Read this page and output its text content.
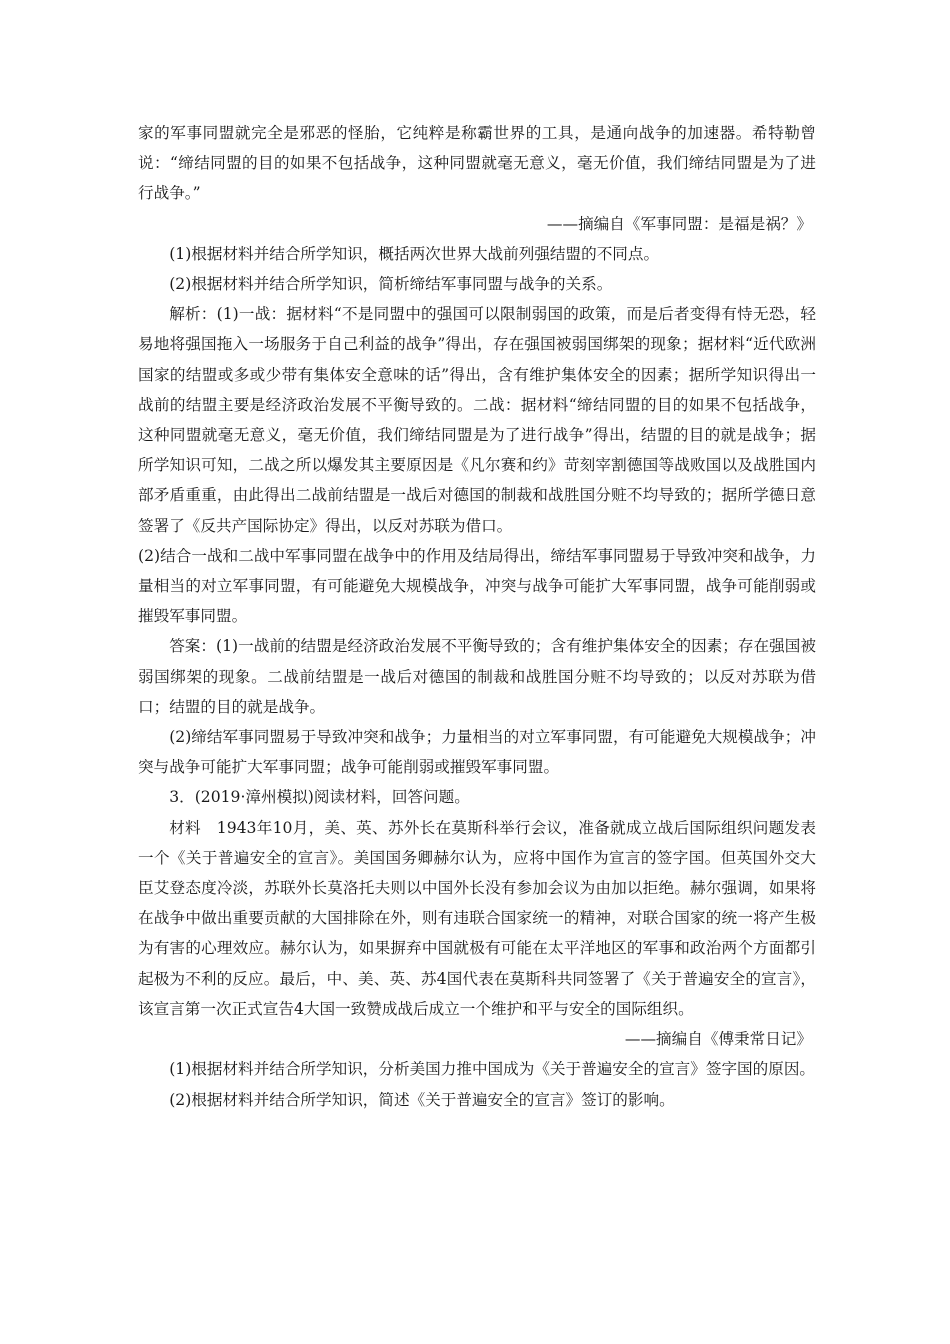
家的军事同盟就完全是邪恶的怪胎，它纯粹是称霸世界的工具，是通向战争的加速器。希特勒曾说：“缔结同盟的目的如果不包括战争，这种同盟就毫无意义，毫无价值，我们缔结同盟是为了进行战争。”

——摘编自《军事同盟：是福是祸？》

(1)根据材料并结合所学知识，概括两次世界大战前列强结盟的不同点。

(2)根据材料并结合所学知识，简析缔结军事同盟与战争的关系。

解析：(1)一战：据材料“不是同盟中的强国可以限制弱国的政策，而是后者变得有恃无恐，轻易地将强国拖入一场服务于自己利益的战争”得出，存在强国被弱国绑架的现象；据材料“近代欧洲国家的结盟或多或少带有集体安全意味的话”得出，含有维护集体安全的因素；据所学知识得出一战前的结盟主要是经济政治发展不平衡导致的。二战：据材料“缔结同盟的目的如果不包括战争，这种同盟就毫无意义，毫无价值，我们缔结同盟是为了进行战争”得出，结盟的目的就是战争；据所学知识可知，二战之所以爆发其主要原因是《凡尔赛和约》苛刻宰割德国等战败国以及战胜国内部矛盾重重，由此得出二战前结盟是一战后对德国的制裁和战胜国分赃不均导致的；据所学德日意签署了《反共产国际协定》得出，以反对苏联为借口。

(2)结合一战和二战中军事同盟在战争中的作用及结局得出，缔结军事同盟易于导致冲突和战争，力量相当的对立军事同盟，有可能避免大规模战争，冲突与战争可能扩大军事同盟，战争可能削弱或摧毁军事同盟。

答案：(1)一战前的结盟是经济政治发展不平衡导致的；含有维护集体安全的因素；存在强国被弱国绑架的现象。二战前结盟是一战后对德国的制裁和战胜国分赃不均导致的；以反对苏联为借口；结盟的目的就是战争。

(2)缔结军事同盟易于导致冲突和战争；力量相当的对立军事同盟，有可能避免大规模战争；冲突与战争可能扩大军事同盟；战争可能削弱或摧毁军事同盟。

3．(2019·漳州模拟)阅读材料，回答问题。

材料　1943年10月，美、英、苏外长在莫斯科举行会议，准备就成立战后国际组织问题发表一个《关于普遍安全的宣言》。美国国务卿赫尔认为，应将中国作为宣言的签字国。但英国外交大臣艾登态度冷淡，苏联外长莫洛托夫则以中国外长没有参加会议为由加以拒绝。赫尔强调，如果将在战争中做出重要贡献的大国排除在外，则有违联合国家统一的精神，对联合国家的统一将产生极为有害的心理效应。赫尔认为，如果摒弃中国就极有可能在太平洋地区的军事和政治两个方面都引起极为不利的反应。最后，中、美、英、苏4国代表在莫斯科共同签署了《关于普遍安全的宣言》，该宣言第一次正式宣告4大国一致赞成战后成立一个维护和平与安全的国际组织。

——摘编自《傅秉常日记》

(1)根据材料并结合所学知识，分析美国力推中国成为《关于普遍安全的宣言》签字国的原因。

(2)根据材料并结合所学知识，简述《关于普遍安全的宣言》签订的影响。
